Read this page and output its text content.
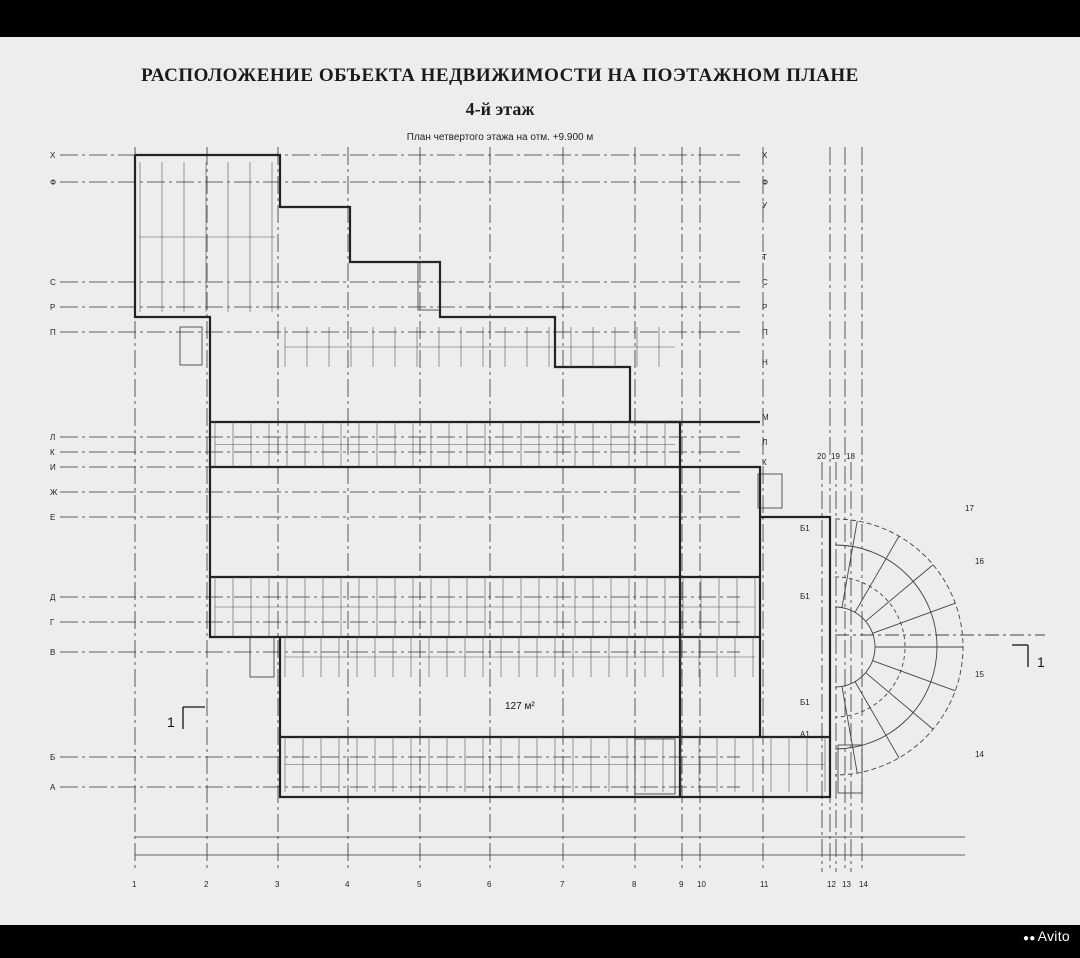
РАСПОЛОЖЕНИЕ ОБЪЕКТА НЕДВИЖИМОСТИ НА ПОЭТАЖНОМ ПЛАНЕ
4-й этаж
План четвертого этажа на отм. +9.900 м
Х
Ф
С
Р
П
Л
К
И
Ж
Е
Д
Г
В
Б
А
Х
Ф
У
Т
С
Р
П
Н
М
Л
К
1	2	3	4	5	6	7	8	9 10	11	12 13 14
20 19 18
Б1
Б1
Б1
А1
17
16
15
14
1
1
127 м²
●● Avito
